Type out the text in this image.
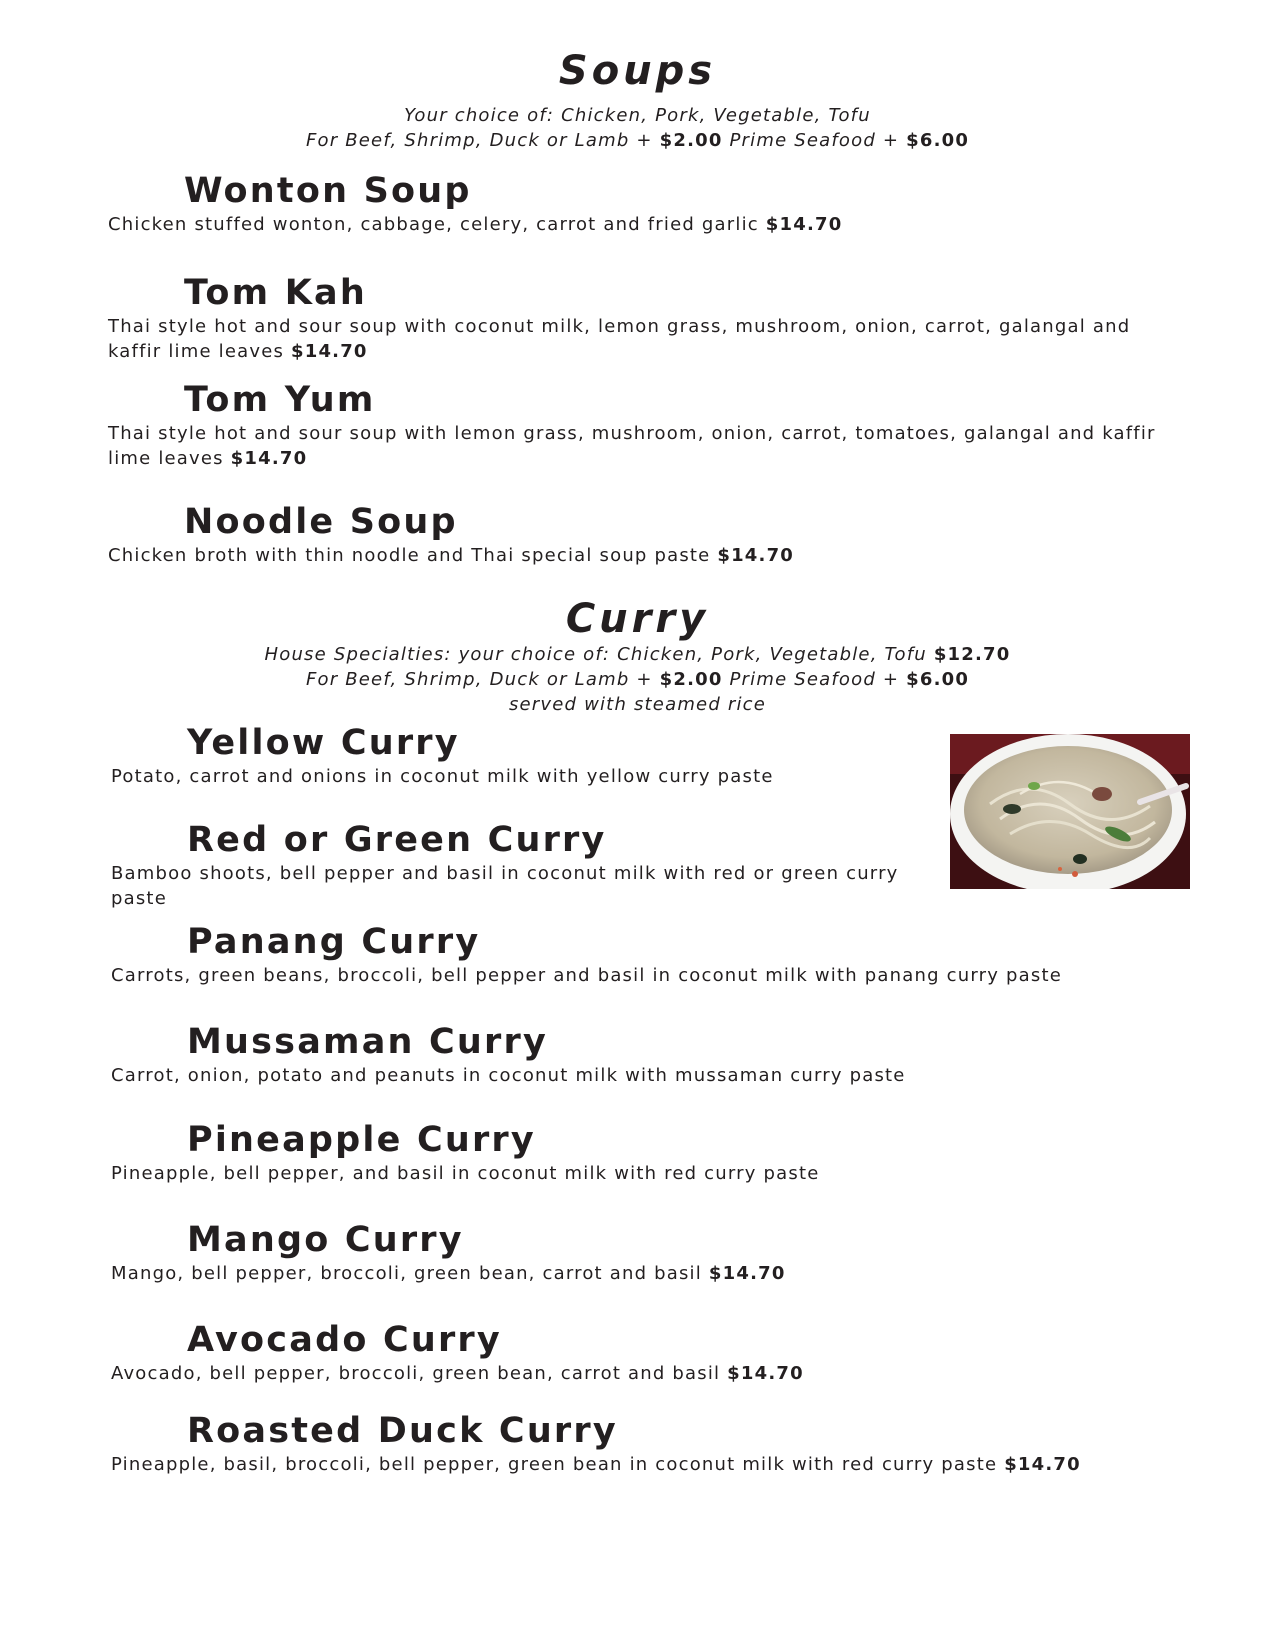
Soups
Your choice of: Chicken, Pork, Vegetable, Tofu
For Beef, Shrimp, Duck or Lamb + $2.00 Prime Seafood + $6.00
Wonton Soup
Chicken stuffed wonton, cabbage, celery, carrot and fried garlic $14.70
Tom Kah
Thai style hot and sour soup with coconut milk, lemon grass, mushroom, onion, carrot, galangal and kaffir lime leaves $14.70
Tom Yum
Thai style hot and sour soup with lemon grass, mushroom, onion, carrot, tomatoes, galangal and kaffir lime leaves $14.70
Noodle Soup
Chicken broth with thin noodle and Thai special soup paste $14.70
Curry
House Specialties: your choice of: Chicken, Pork, Vegetable, Tofu $12.70
For Beef, Shrimp, Duck or Lamb + $2.00 Prime Seafood + $6.00
served with steamed rice
Yellow Curry
Potato, carrot and onions in coconut milk with yellow curry paste
Red or Green Curry
Bamboo shoots, bell pepper and basil in coconut milk with red or green curry paste
Panang Curry
Carrots, green beans, broccoli, bell pepper and basil in coconut milk with panang curry paste
Mussaman Curry
Carrot, onion, potato and peanuts in coconut milk with mussaman curry paste
Pineapple Curry
Pineapple, bell pepper, and basil in coconut milk with red curry paste
Mango Curry
Mango, bell pepper, broccoli, green bean, carrot and basil $14.70
Avocado Curry
Avocado, bell pepper, broccoli, green bean, carrot and basil $14.70
Roasted Duck Curry
Pineapple, basil, broccoli, bell pepper, green bean in coconut milk with red curry paste $14.70
